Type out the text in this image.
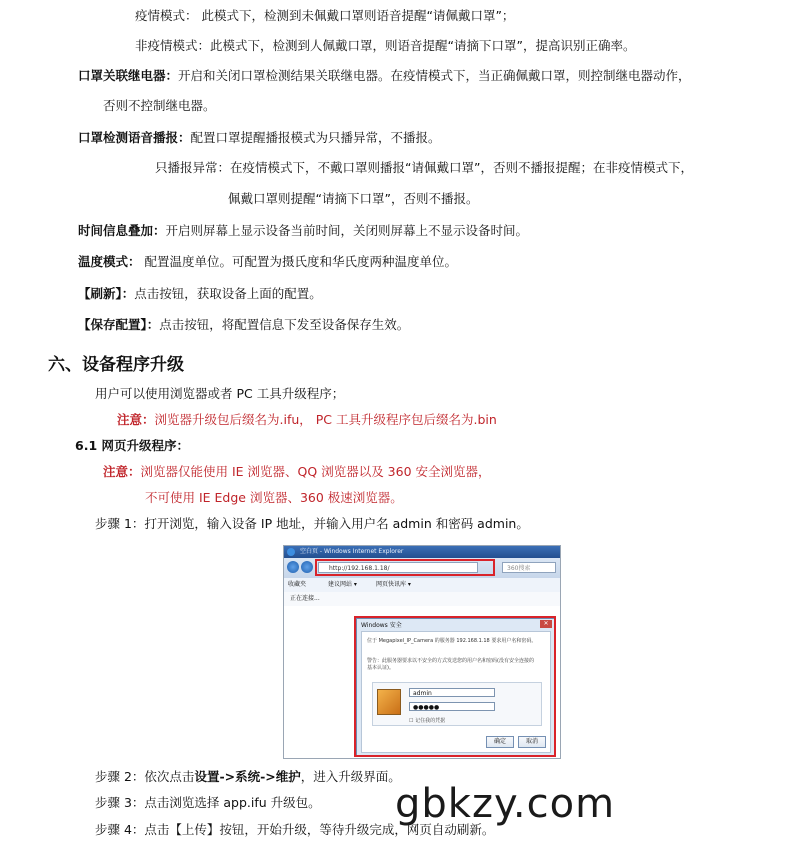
疫情模式： 此模式下，检测到未佩戴口罩则语音提醒“请佩戴口罩”；
非疫情模式：此模式下，检测到人佩戴口罩，则语音提醒“请摘下口罩”，提高识别正确率。
口罩关联继电器：开启和关闭口罩检测结果关联继电器。在疫情模式下，当正确佩戴口罩，则控制继电器动作，
否则不控制继电器。
口罩检测语音播报：配置口罩提醒播报模式为只播异常，不播报。
只播报异常：在疫情模式下，不戴口罩则播报“请佩戴口罩”，否则不播报提醒；在非疫情模式下，
佩戴口罩则提醒“请摘下口罩”，否则不播报。
时间信息叠加：开启则屏幕上显示设备当前时间，关闭则屏幕上不显示设备时间。
温度模式： 配置温度单位。可配置为摄氏度和华氏度两种温度单位。
【刷新】：点击按钮，获取设备上面的配置。
【保存配置】：点击按钮，将配置信息下发至设备保存生效。
六、设备程序升级
用户可以使用浏览器或者 PC 工具升级程序；
注意：浏览器升级包后缀名为.ifu， PC 工具升级程序包后缀名为.bin
6.1 网页升级程序：
注意：浏览器仅能使用 IE 浏览器、QQ 浏览器以及 360 安全浏览器，
不可使用 IE Edge 浏览器、360 极速浏览器。
步骤 1：打开浏览，输入设备 IP 地址，并输入用户名 admin 和密码 admin。
空白页 - Windows Internet Explorer
http://192.168.1.18/	360搜索
收藏夹	建议网站 ▾	网页快讯库 ▾
正在连接...
Windows 安全	✕
位于 Megapixel_IP_Camera 的服务器 192.168.1.18 要求用户名和密码。
警告：此服务器要求以不安全的方式发送您的用户名和密码(没有安全连接的基本认证)。
admin
●●●●●
☐ 记住我的凭据
确定	取消
步骤 2：依次点击设置->系统->维护，进入升级界面。
步骤 3：点击浏览选择 app.ifu 升级包。
步骤 4：点击【上传】按钮，开始升级，等待升级完成，网页自动刷新。
gbkzy.com
